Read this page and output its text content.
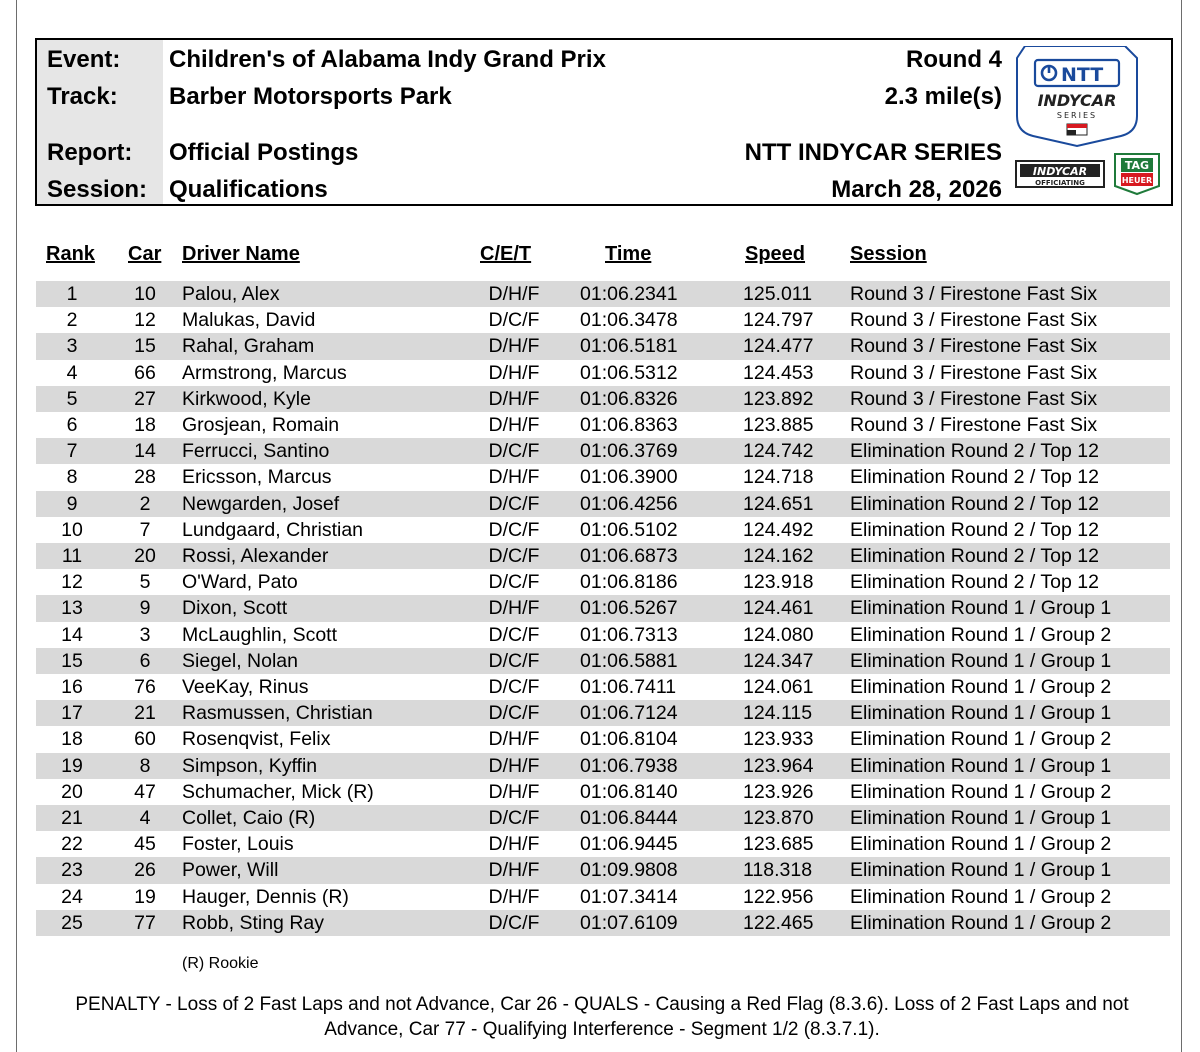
Event: Children's of Alabama Indy Grand Prix	Round 4
Track: Barber Motorsports Park	2.3 mile(s)
Report: Official Postings	NTT INDYCAR SERIES
Session: Qualifications	March 28, 2026
NTT
INDYCAR
SERIES
INDYCAR
OFFICIATING
TAG
HEUER
Rank Car Driver Name	C/E/T	Time	Speed Session
1	10	Palou, Alex	D/H/F 01:06.2341	125.011 Round 3 / Firestone Fast Six
2	12	Malukas, David	D/C/F 01:06.3478	124.797 Round 3 / Firestone Fast Six
3	15	Rahal, Graham	D/H/F 01:06.5181	124.477 Round 3 / Firestone Fast Six
4	66	Armstrong, Marcus	D/H/F 01:06.5312	124.453 Round 3 / Firestone Fast Six
5	27	Kirkwood, Kyle	D/H/F 01:06.8326	123.892 Round 3 / Firestone Fast Six
6	18	Grosjean, Romain	D/H/F 01:06.8363	123.885 Round 3 / Firestone Fast Six
7	14	Ferrucci, Santino	D/C/F 01:06.3769	124.742 Elimination Round 2 / Top 12
8	28	Ericsson, Marcus	D/H/F 01:06.3900	124.718 Elimination Round 2 / Top 12
9	2	Newgarden, Josef	D/C/F 01:06.4256	124.651 Elimination Round 2 / Top 12
10	7	Lundgaard, Christian	D/C/F 01:06.5102	124.492 Elimination Round 2 / Top 12
11	20	Rossi, Alexander	D/C/F 01:06.6873	124.162 Elimination Round 2 / Top 12
12	5	O'Ward, Pato	D/C/F 01:06.8186	123.918 Elimination Round 2 / Top 12
13	9	Dixon, Scott	D/H/F 01:06.5267	124.461 Elimination Round 1 / Group 1
14	3	McLaughlin, Scott	D/C/F 01:06.7313	124.080 Elimination Round 1 / Group 2
15	6	Siegel, Nolan	D/C/F 01:06.5881	124.347 Elimination Round 1 / Group 1
16	76	VeeKay, Rinus	D/C/F 01:06.7411	124.061 Elimination Round 1 / Group 2
17	21	Rasmussen, Christian	D/C/F 01:06.7124	124.115 Elimination Round 1 / Group 1
18	60	Rosenqvist, Felix	D/H/F 01:06.8104	123.933 Elimination Round 1 / Group 2
19	8	Simpson, Kyffin	D/H/F 01:06.7938	123.964 Elimination Round 1 / Group 1
20	47	Schumacher, Mick (R)	D/H/F 01:06.8140	123.926 Elimination Round 1 / Group 2
21	4	Collet, Caio (R)	D/C/F 01:06.8444	123.870 Elimination Round 1 / Group 1
22	45	Foster, Louis	D/H/F 01:06.9445	123.685 Elimination Round 1 / Group 2
23	26	Power, Will	D/H/F 01:09.9808	118.318 Elimination Round 1 / Group 1
24	19	Hauger, Dennis (R)	D/H/F 01:07.3414	122.956 Elimination Round 1 / Group 2
25	77	Robb, Sting Ray	D/C/F 01:07.6109	122.465 Elimination Round 1 / Group 2
(R) Rookie
PENALTY - Loss of 2 Fast Laps and not Advance, Car 26 - QUALS - Causing a Red Flag (8.3.6). Loss of 2 Fast Laps and not Advance, Car 77 - Qualifying Interference - Segment 1/2 (8.3.7.1).
